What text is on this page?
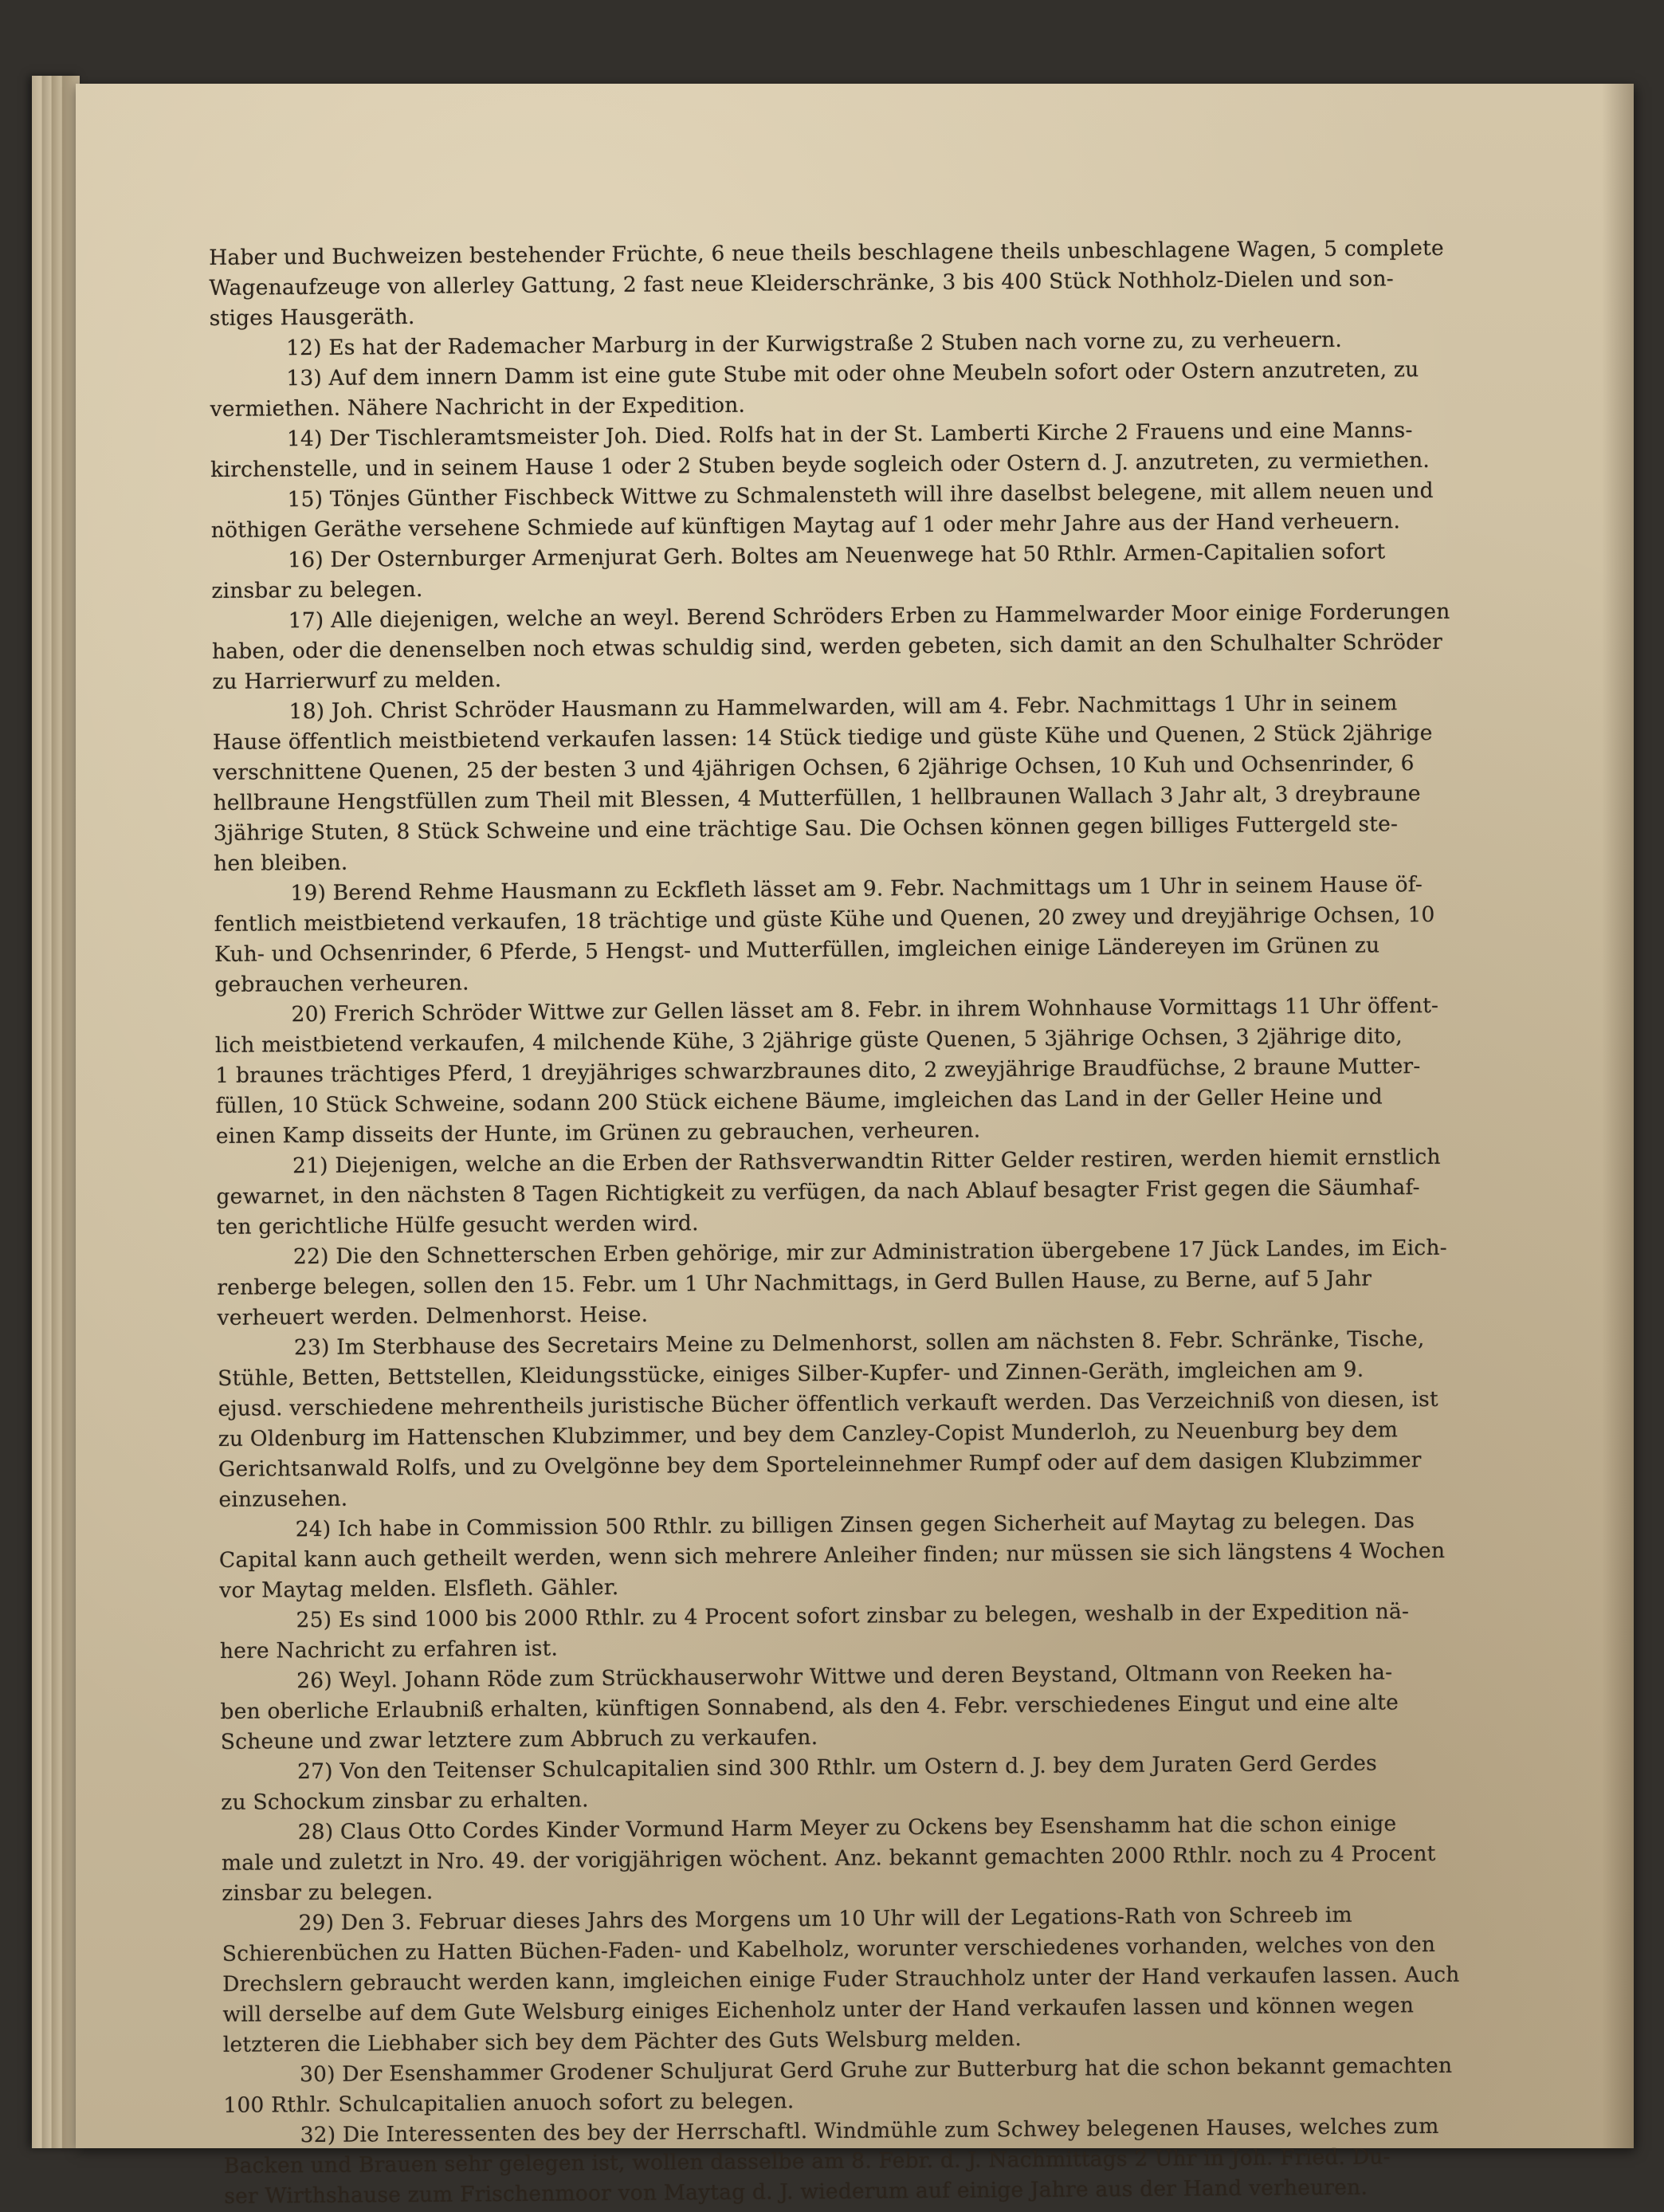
Haber und Buchweizen bestehender Früchte, 6 neue theils beschlagene theils unbeschlagene Wagen, 5 complete
Wagenaufzeuge von allerley Gattung, 2 fast neue Kleiderschränke, 3 bis 400 Stück Nothholz-Dielen und son-
stiges Hausgeräth.
12) Es hat der Rademacher Marburg in der Kurwigstraße 2 Stuben nach vorne zu, zu verheuern.
13) Auf dem innern Damm ist eine gute Stube mit oder ohne Meubeln sofort oder Ostern anzutreten, zu
vermiethen. Nähere Nachricht in der Expedition.
14) Der Tischleramtsmeister Joh. Died. Rolfs hat in der St. Lamberti Kirche 2 Frauens und eine Manns-
kirchenstelle, und in seinem Hause 1 oder 2 Stuben beyde sogleich oder Ostern d. J. anzutreten, zu vermiethen.
15) Tönjes Günther Fischbeck Wittwe zu Schmalensteth will ihre daselbst belegene, mit allem neuen und
nöthigen Geräthe versehene Schmiede auf künftigen Maytag auf 1 oder mehr Jahre aus der Hand verheuern.
16) Der Osternburger Armenjurat Gerh. Boltes am Neuenwege hat 50 Rthlr. Armen-Capitalien sofort
zinsbar zu belegen.
17) Alle diejenigen, welche an weyl. Berend Schröders Erben zu Hammelwarder Moor einige Forderungen
haben, oder die denenselben noch etwas schuldig sind, werden gebeten, sich damit an den Schulhalter Schröder
zu Harrierwurf zu melden.
18) Joh. Christ Schröder Hausmann zu Hammelwarden, will am 4. Febr. Nachmittags 1 Uhr in seinem
Hause öffentlich meistbietend verkaufen lassen: 14 Stück tiedige und güste Kühe und Quenen, 2 Stück 2jährige
verschnittene Quenen, 25 der besten 3 und 4jährigen Ochsen, 6 2jährige Ochsen, 10 Kuh und Ochsenrinder, 6
hellbraune Hengstfüllen zum Theil mit Blessen, 4 Mutterfüllen, 1 hellbraunen Wallach 3 Jahr alt, 3 dreybraune
3jährige Stuten, 8 Stück Schweine und eine trächtige Sau. Die Ochsen können gegen billiges Futtergeld ste-
hen bleiben.
19) Berend Rehme Hausmann zu Eckfleth lässet am 9. Febr. Nachmittags um 1 Uhr in seinem Hause öf-
fentlich meistbietend verkaufen, 18 trächtige und güste Kühe und Quenen, 20 zwey und dreyjährige Ochsen, 10
Kuh- und Ochsenrinder, 6 Pferde, 5 Hengst- und Mutterfüllen, imgleichen einige Ländereyen im Grünen zu
gebrauchen verheuren.
20) Frerich Schröder Wittwe zur Gellen lässet am 8. Febr. in ihrem Wohnhause Vormittags 11 Uhr öffent-
lich meistbietend verkaufen, 4 milchende Kühe, 3 2jährige güste Quenen, 5 3jährige Ochsen, 3 2jährige dito,
1 braunes trächtiges Pferd, 1 dreyjähriges schwarzbraunes dito, 2 zweyjährige Braudfüchse, 2 braune Mutter-
füllen, 10 Stück Schweine, sodann 200 Stück eichene Bäume, imgleichen das Land in der Geller Heine und
einen Kamp disseits der Hunte, im Grünen zu gebrauchen, verheuren.
21) Diejenigen, welche an die Erben der Rathsverwandtin Ritter Gelder restiren, werden hiemit ernstlich
gewarnet, in den nächsten 8 Tagen Richtigkeit zu verfügen, da nach Ablauf besagter Frist gegen die Säumhaf-
ten gerichtliche Hülfe gesucht werden wird.
22) Die den Schnetterschen Erben gehörige, mir zur Administration übergebene 17 Jück Landes, im Eich-
renberge belegen, sollen den 15. Febr. um 1 Uhr Nachmittags, in Gerd Bullen Hause, zu Berne, auf 5 Jahr
verheuert werden. Delmenhorst. Heise.
23) Im Sterbhause des Secretairs Meine zu Delmenhorst, sollen am nächsten 8. Febr. Schränke, Tische,
Stühle, Betten, Bettstellen, Kleidungsstücke, einiges Silber-Kupfer- und Zinnen-Geräth, imgleichen am 9.
ejusd. verschiedene mehrentheils juristische Bücher öffentlich verkauft werden. Das Verzeichniß von diesen, ist
zu Oldenburg im Hattenschen Klubzimmer, und bey dem Canzley-Copist Munderloh, zu Neuenburg bey dem
Gerichtsanwald Rolfs, und zu Ovelgönne bey dem Sporteleinnehmer Rumpf oder auf dem dasigen Klubzimmer
einzusehen.
24) Ich habe in Commission 500 Rthlr. zu billigen Zinsen gegen Sicherheit auf Maytag zu belegen. Das
Capital kann auch getheilt werden, wenn sich mehrere Anleiher finden; nur müssen sie sich längstens 4 Wochen
vor Maytag melden. Elsfleth. Gähler.
25) Es sind 1000 bis 2000 Rthlr. zu 4 Procent sofort zinsbar zu belegen, weshalb in der Expedition nä-
here Nachricht zu erfahren ist.
26) Weyl. Johann Röde zum Strückhauserwohr Wittwe und deren Beystand, Oltmann von Reeken ha-
ben oberliche Erlaubniß erhalten, künftigen Sonnabend, als den 4. Febr. verschiedenes Eingut und eine alte
Scheune und zwar letztere zum Abbruch zu verkaufen.
27) Von den Teitenser Schulcapitalien sind 300 Rthlr. um Ostern d. J. bey dem Juraten Gerd Gerdes
zu Schockum zinsbar zu erhalten.
28) Claus Otto Cordes Kinder Vormund Harm Meyer zu Ockens bey Esenshamm hat die schon einige
male und zuletzt in Nro. 49. der vorigjährigen wöchent. Anz. bekannt gemachten 2000 Rthlr. noch zu 4 Procent
zinsbar zu belegen.
29) Den 3. Februar dieses Jahrs des Morgens um 10 Uhr will der Legations-Rath von Schreeb im
Schierenbüchen zu Hatten Büchen-Faden- und Kabelholz, worunter verschiedenes vorhanden, welches von den
Drechslern gebraucht werden kann, imgleichen einige Fuder Strauchholz unter der Hand verkaufen lassen. Auch
will derselbe auf dem Gute Welsburg einiges Eichenholz unter der Hand verkaufen lassen und können wegen
letzteren die Liebhaber sich bey dem Pächter des Guts Welsburg melden.
30) Der Esenshammer Grodener Schuljurat Gerd Gruhe zur Butterburg hat die schon bekannt gemachten
100 Rthlr. Schulcapitalien anuoch sofort zu belegen.
32) Die Interessenten des bey der Herrschaftl. Windmühle zum Schwey belegenen Hauses, welches zum
Backen und Brauen sehr gelegen ist, wollen dasselbe am 8. Febr. d. J. Nachmittags 2 Uhr in Joh. Fried. Du-
ser Wirthshause zum Frischenmoor von Maytag d. J. wiederum auf einige Jahre aus der Hand verheuren.
